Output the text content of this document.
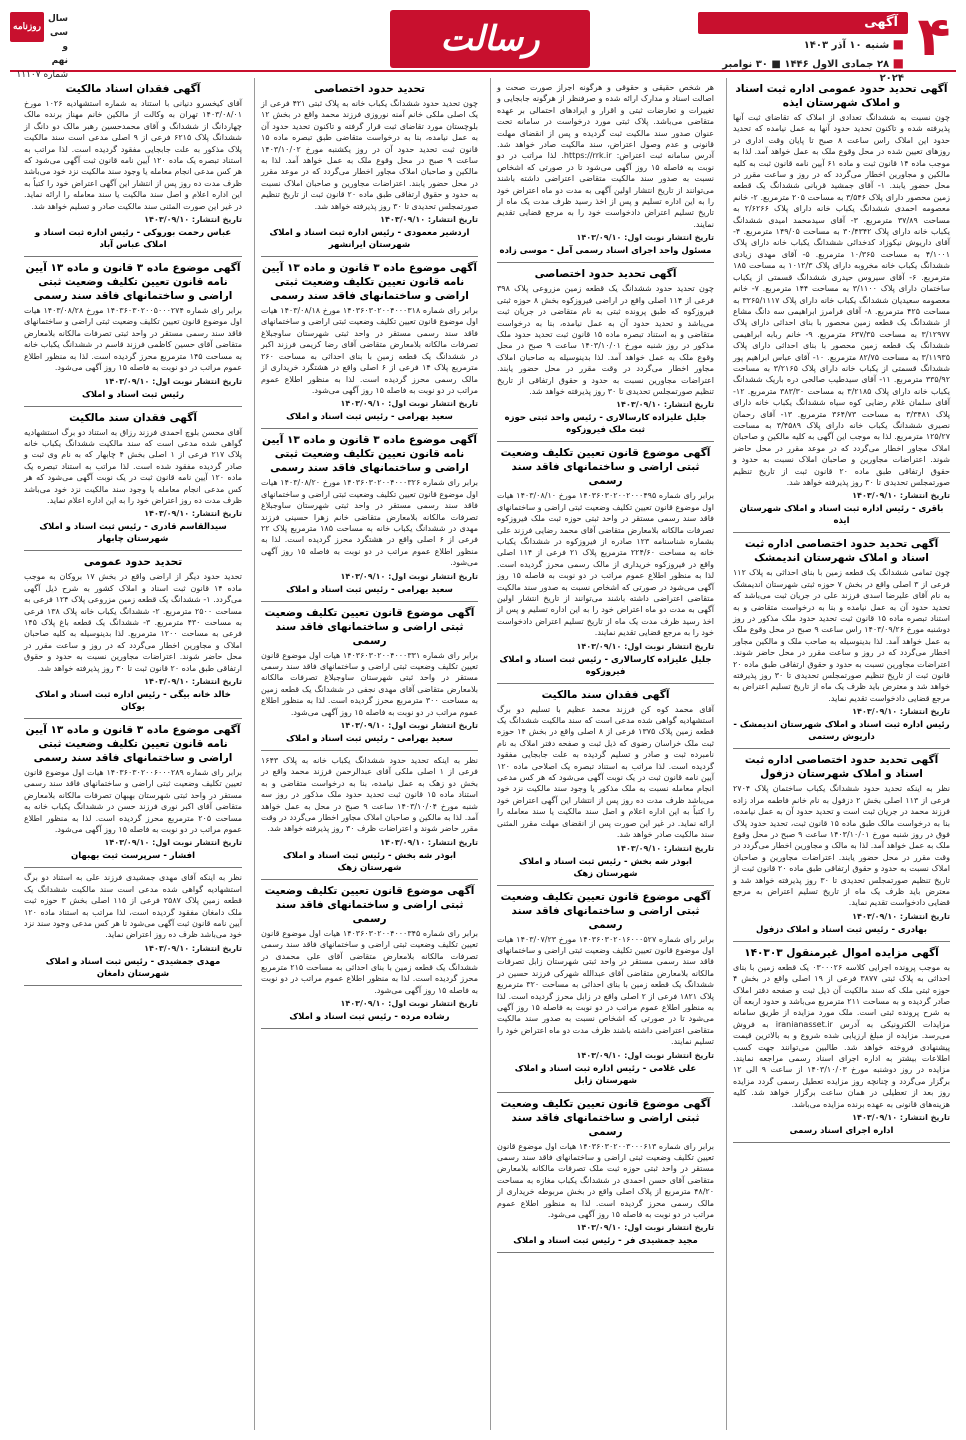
۴
آگهی
■ شنبه ۱۰ آذر ۱۴۰۳
■ ۲۸ جمادی الاول ۱۴۴۶ ■ ۳۰ نوامبر ۲۰۲۴
رسالت
روزنامه رسالت
سال سی و نهم
شماره ۱۱۱۰۷
آگهی تحدید حدود عمومی اداره ثبت اسناد و املاک شهرستان ایذه

چون نسبت به ششدانگ تعدادی از املاک که تقاضای ثبت آنها پذیرفته شده و تاکنون تحدید حدود آنها به عمل نیامده که تحدید حدود این املاک راس ساعت ۸ صبح تا پایان وقت اداری در روزهای تعیین شده در محل وقوع ملک به عمل خواهد آمد. لذا به موجب ماده ۱۴ قانون ثبت و ماده ۶۱ آیین نامه قانون ثبت به کلیه مالکین و مجاورین اخطار می‌گردد که در روز و ساعت مقرر در محل حضور یابند. ۱- آقای جمشید قربانی ششدانگ یک قطعه زمین محصور دارای پلاک ۳/۵۴۶ به مساحت ۲۰۵ مترمربع. ۲- خانم معصومه احمدی ششدانگ یکباب خانه دارای پلاک ۲/۶۲۶۶ به مساحت ۳۷/۸۹ مترمربع. ۳- آقای سیدمحمد امیدی ششدانگ یکباب خانه دارای پلاک ۳۰/۴۳۴۲ به مساحت ۱۴۹/۰۵ مترمربع. ۴- آقای داریوش نیکوزاد کدخدائی ششدانگ یکباب خانه دارای پلاک ۴/۱۰۰۱ به مساحت ۱۰/۳۶۵ مترمربع. ۵- آقای مهدی زیادی ششدانگ یکباب خانه مخروبه دارای پلاک ۱۰۱۲/۳ به مساحت ۱۸۵ مترمربع. ۶- آقای سیروس حیدری ششدانگ قسمتی از یکباب ساختمان دارای پلاک ۳/۱۱۰۰ به مساحت ۱۴۴ مترمربع. ۷- خانم معصومه سعیدیان ششدانگ یکباب خانه دارای پلاک ۳۲۶۵/۱۱۱۷ به مساحت ۴۲۵ مترمربع. ۸- آقای فرامرز ابراهیمی سه دانگ مشاع از ششدانگ یک قطعه زمین محصور با بنای احداثی دارای پلاک ۳/۱۲۹۷۷ به مساحت ۶۳۷/۳۵ مترمربع. ۹- خانم ربابه ابراهیمی ششدانگ یک قطعه زمین محصور با بنای احداثی دارای پلاک ۳/۱۱۹۳۵ به مساحت ۸۲/۷۵ مترمربع. ۱۰- آقای عباس ابراهیم پور ششدانگ قسمتی از یکباب خانه دارای پلاک ۳/۲۱۶۵ به مساحت ۳۳۵/۹۲ مترمربع. ۱۱- آقای سیدطیب صالحی دره باریک ششدانگ یکباب خانه دارای پلاک ۳/۲۱۸۵ به مساحت ۳۸۳/۳۰ مترمربع. ۱۲- آقای سلمان غلام رضایی کوه سیاه ششدانگ یکباب خانه دارای پلاک ۳/۳۴۸۱ به مساحت ۳۶۴/۷۳ مترمربع. ۱۳- آقای رحمان نصیری ششدانگ یکباب خانه دارای پلاک ۳/۴۵۸۹ به مساحت ۱۲۵/۲۷ مترمربع. لذا به موجب این آگهی به کلیه مالکین و صاحبان املاک مجاور اخطار می‌گردد که در موعد مقرر در محل حاضر شوند. اعتراضات مجاورین و صاحبان املاک نسبت به حدود و حقوق ارتفاقی طبق ماده ۲۰ قانون ثبت از تاریخ تنظیم صورتمجلس تحدیدی تا ۳۰ روز پذیرفته خواهد شد.

تاریخ انتشار: ۱۴۰۳/۰۹/۱۰

باقری - رئیس اداره ثبت اسناد و املاک شهرستان ایذه

آگهی تحدید حدود اختصاصی اداره ثبت اسناد و املاک شهرستان اندیمشک

چون تمامی ششدانگ یک قطعه زمین با بنای احداثی به پلاک ۱۱۲ فرعی از ۳ اصلی واقع در بخش ۷ حوزه ثبتی شهرستان اندیمشک به نام آقای علیرضا اسدی فرزند علی در جریان ثبت می‌باشد که تحدید حدود آن به عمل نیامده و بنا به درخواست متقاضی و به استناد تبصره ماده ۱۵ قانون ثبت تحدید حدود ملک مذکور در روز دوشنبه مورخ ۱۴۰۳/۰۹/۲۶ راس ساعت ۹ صبح در محل وقوع ملک به عمل خواهد آمد. لذا بدینوسیله به صاحب ملک و مالکین مجاور اخطار می‌گردد که در روز و ساعت مقرر در محل حاضر شوند. اعتراضات مجاورین نسبت به حدود و حقوق ارتفاقی طبق ماده ۲۰ قانون ثبت از تاریخ تنظیم صورتمجلس تحدیدی تا ۳۰ روز پذیرفته خواهد شد و معترض باید ظرف یک ماه از تاریخ تسلیم اعتراض به مرجع قضایی دادخواست تقدیم نماید.

تاریخ انتشار: ۱۴۰۳/۰۹/۱۰

رئیس اداره ثبت اسناد و املاک شهرستان اندیمشک - داریوش رستمی

آگهی تحدید حدود اختصاصی اداره ثبت اسناد و املاک شهرستان دزفول

نظر به اینکه تحدید حدود ششدانگ یکباب ساختمان پلاک ۲۷۰۴ فرعی از ۱۱۳ اصلی بخش ۲ دزفول به نام خانم فاطمه مراد زاده فرزند محمد در جریان ثبت است و تحدید حدود آن به عمل نیامده، بنا به درخواست مالک طبق ماده ۱۵ قانون ثبت، تحدید حدود پلاک فوق در روز شنبه مورخ ۱۴۰۳/۱۰/۰۱ ساعت ۹ صبح در محل وقوع ملک به عمل خواهد آمد. لذا به مالک و مجاورین اخطار می‌گردد در وقت مقرر در محل حضور یابند. اعتراضات مجاورین و صاحبان املاک نسبت به حدود و حقوق ارتفاقی طبق ماده ۲۰ قانون ثبت از تاریخ تنظیم صورتمجلس تحدیدی تا ۳۰ روز پذیرفته خواهد شد و معترض باید ظرف یک ماه از تاریخ تسلیم اعتراض به مرجع قضایی دادخواست تقدیم نماید.

تاریخ انتشار: ۱۴۰۳/۰۹/۱۰

بهادری - رئیس ثبت اسناد و املاک دزفول

آگهی مزایده اموال غیرمنقول ۱۴۰۳۰۳

به موجب پرونده اجرایی کلاسه ۰۳۰۰۰۲۶ یک قطعه زمین با بنای احداثی به پلاک ثبتی ۳۸۷۷ فرعی از ۱۹ اصلی واقع در بخش ۴ حوزه ثبتی ملک که سند مالکیت آن ذیل ثبت و صفحه دفتر املاک صادر گردیده و به مساحت ۲۱۱ مترمربع می‌باشد و حدود اربعه آن به شرح پرونده ثبتی است. ملک مورد مزایده از طریق سامانه مزایدات الکترونیکی به آدرس iranianasset.ir به فروش می‌رسد. مزایده از مبلغ ارزیابی شده شروع و به بالاترین قیمت پیشنهادی فروخته خواهد شد. طالبین می‌توانند جهت کسب اطلاعات بیشتر به اداره اجرای اسناد رسمی مراجعه نمایند. مزایده در روز دوشنبه مورخ ۱۴۰۳/۱۰/۰۳ از ساعت ۹ الی ۱۲ برگزار می‌گردد و چنانچه روز مزایده تعطیل رسمی گردد مزایده روز بعد از تعطیلی در همان ساعت برگزار خواهد شد. کلیه هزینه‌های قانونی به عهده برنده مزایده می‌باشد.

تاریخ انتشار: ۱۴۰۳/۰۹/۱۰

اداره اجرای اسناد رسمی

هر شخص حقیقی و حقوقی و هرگونه اجراز صورت صحت و اصالت اسناد و مدارک ارائه شده و صرفنظر از هرگونه جابجایی و تغییرات و تعارضات ثبتی و اقرار و ایرادهای احتمالی بر عهده متقاضی می‌باشد. پلاک ثبتی مورد درخواست در سامانه تحت عنوان صدور سند مالکیت ثبت گردیده و پس از انقضای مهلت قانونی و عدم وصول اعتراض، سند مالکیت صادر خواهد شد. آدرس سامانه ثبت اعتراض: https://rrk.ir. لذا مراتب در دو نوبت به فاصله ۱۵ روز آگهی می‌شود تا در صورتی که اشخاص نسبت به صدور سند مالکیت متقاضی اعتراضی داشته باشند می‌توانند از تاریخ انتشار اولین آگهی به مدت دو ماه اعتراض خود را به این اداره تسلیم و پس از اخذ رسید ظرف مدت یک ماه از تاریخ تسلیم اعتراض دادخواست خود را به مرجع قضایی تقدیم نمایند.

تاریخ انتشار نوبت اول: ۱۴۰۳/۰۹/۱۰

مسئول واحد اجرای اسناد رسمی آمل - موسی زاده

آگهی تحدید حدود اختصاصی

چون تحدید حدود ششدانگ یک قطعه زمین مزروعی پلاک ۳۹۸ فرعی از ۱۱۴ اصلی واقع در اراضی فیروزکوه بخش ۸ حوزه ثبتی فیروزکوه که طبق پرونده ثبتی به نام متقاضی در جریان ثبت می‌باشد و تحدید حدود آن به عمل نیامده، بنا به درخواست متقاضی و به استناد تبصره ماده ۱۵ قانون ثبت تحدید حدود ملک مذکور در روز شنبه مورخ ۱۴۰۳/۱۰/۰۱ ساعت ۹ صبح در محل وقوع ملک به عمل خواهد آمد. لذا بدینوسیله به صاحبان املاک مجاور اخطار می‌گردد در وقت مقرر در محل حضور یابند. اعتراضات مجاورین نسبت به حدود و حقوق ارتفاقی از تاریخ تنظیم صورتمجلس تحدیدی تا ۳۰ روز پذیرفته خواهد شد.

تاریخ انتشار: ۱۴۰۳/۰۹/۱۰

جلیل علیزاده کارسالاری - رئیس واحد ثبتی حوزه ثبت ملک فیروزکوه

آگهی موضوع قانون تعیین تکلیف وضعیت ثبتی اراضی و ساختمانهای فاقد سند رسمی

برابر رای شماره ۱۴۰۳۶۰۳۰۲۰۰۲۰۰۰۴۹۵ مورخ ۱۴۰۳/۰۸/۱۰ هیات اول موضوع قانون تعیین تکلیف وضعیت ثبتی اراضی و ساختمانهای فاقد سند رسمی مستقر در واحد ثبتی حوزه ثبت ملک فیروزکوه تصرفات مالکانه بلامعارض متقاضی آقای محمد رضایی فرزند علی بشماره شناسنامه ۱۲۳ صادره از فیروزکوه در ششدانگ یکباب خانه به مساحت ۲۲۴/۶۰ مترمربع پلاک ۲۱ فرعی از ۱۱۴ اصلی واقع در فیروزکوه خریداری از مالک رسمی محرز گردیده است. لذا به منظور اطلاع عموم مراتب در دو نوبت به فاصله ۱۵ روز آگهی می‌شود در صورتی که اشخاص نسبت به صدور سند مالکیت متقاضی اعتراضی داشته باشند می‌توانند از تاریخ انتشار اولین آگهی به مدت دو ماه اعتراض خود را به این اداره تسلیم و پس از اخذ رسید ظرف مدت یک ماه از تاریخ تسلیم اعتراض دادخواست خود را به مرجع قضایی تقدیم نمایند.

تاریخ انتشار نوبت اول: ۱۴۰۳/۰۹/۱۰

جلیل علیزاده کارسالاری - رئیس ثبت اسناد و املاک فیروزکوه

آگهی فقدان سند مالکیت

آقای محمد کوه کن فرزند محمد عظیم با تسلیم دو برگ استشهادیه گواهی شده مدعی است که سند مالکیت ششدانگ یک قطعه زمین پلاک ۱۳۷۵ فرعی از ۸ اصلی واقع در بخش ۱۴ حوزه ثبت ملک خراسان رضوی که ذیل ثبت و صفحه دفتر املاک به نام نامبرده ثبت و صادر و تسلیم گردیده به علت جابجایی مفقود گردیده است. لذا مراتب به استناد تبصره یک اصلاحی ماده ۱۲۰ آیین نامه قانون ثبت در یک نوبت آگهی می‌شود که هر کس مدعی انجام معامله نسبت به ملک مذکور یا وجود سند مالکیت نزد خود می‌باشد ظرف مدت ده روز پس از انتشار این آگهی اعتراض خود را کتباً به این اداره اعلام و اصل سند مالکیت یا سند معامله را ارائه نماید. در غیر این صورت پس از انقضای مهلت مقرر المثنی سند مالکیت صادر خواهد شد.

تاریخ انتشار: ۱۴۰۳/۰۹/۱۰

ابوذر شه بخش - رئیس ثبت اسناد و املاک شهرستان زهک

آگهی موضوع قانون تعیین تکلیف وضعیت ثبتی اراضی و ساختمانهای فاقد سند رسمی

برابر رای شماره ۱۴۰۳۶۰۳۰۲۰۱۶۰۰۰۵۲۷ مورخ ۱۴۰۳/۰۷/۲۳ هیات اول موضوع قانون تعیین تکلیف وضعیت ثبتی اراضی و ساختمانهای فاقد سند رسمی مستقر در واحد ثبتی شهرستان زابل تصرفات مالکانه بلامعارض متقاضی آقای عبدالله شهرکی فرزند حسین در ششدانگ یک قطعه زمین با بنای احداثی به مساحت ۳۲۰ مترمربع پلاک ۱۸۲۱ فرعی از ۲ اصلی واقع در زابل محرز گردیده است. لذا به منظور اطلاع عموم مراتب در دو نوبت به فاصله ۱۵ روز آگهی می‌شود تا در صورتی که اشخاص نسبت به صدور سند مالکیت متقاضی اعتراضی داشته باشند ظرف مدت دو ماه اعتراض خود را تسلیم نمایند.

تاریخ انتشار نوبت اول: ۱۴۰۳/۰۹/۱۰

علی غلامی - رئیس اداره ثبت اسناد و املاک شهرستان زابل

آگهی موضوع قانون تعیین تکلیف وضعیت ثبتی اراضی و ساختمانهای فاقد سند رسمی

برابر رای شماره ۱۴۰۳۶۰۳۰۲۰۰۳۰۰۰۶۱۳ هیات اول موضوع قانون تعیین تکلیف وضعیت ثبتی اراضی و ساختمانهای فاقد سند رسمی مستقر در واحد ثبتی حوزه ثبت ملک تصرفات مالکانه بلامعارض متقاضی آقای حسن احمدی در ششدانگ یکباب مغازه به مساحت ۴۸/۲۰ مترمربع از پلاک اصلی واقع در بخش مربوطه خریداری از مالک رسمی محرز گردیده است. لذا به منظور اطلاع عموم مراتب در دو نوبت به فاصله ۱۵ روز آگهی می‌شود.

تاریخ انتشار نوبت اول: ۱۴۰۳/۰۹/۱۰

مجید جمشیدی فر - رئیس ثبت اسناد و املاک

تحدید حدود اختصاصی

چون تحدید حدود ششدانگ یکباب خانه به پلاک ثبتی ۴۲۱ فرعی از یک اصلی ملکی خانم آمنه نوروزی فرزند محمد واقع در بخش ۱۲ بلوچستان مورد تقاضای ثبت قرار گرفته و تاکنون تحدید حدود آن به عمل نیامده، بنا به درخواست متقاضی طبق تبصره ماده ۱۵ قانون ثبت تحدید حدود آن در روز یکشنبه مورخ ۱۴۰۳/۱۰/۰۲ ساعت ۹ صبح در محل وقوع ملک به عمل خواهد آمد. لذا به مالکین و صاحبان املاک مجاور اخطار می‌گردد که در موعد مقرر در محل حضور یابند. اعتراضات مجاورین و صاحبان املاک نسبت به حدود و حقوق ارتفاقی طبق ماده ۲۰ قانون ثبت از تاریخ تنظیم صورتمجلس تحدیدی تا ۳۰ روز پذیرفته خواهد شد.

تاریخ انتشار: ۱۴۰۳/۰۹/۱۰

اردشیر معمودی - رئیس اداره ثبت اسناد و املاک شهرستان ایرانشهر

آگهی موضوع ماده ۳ قانون و ماده ۱۳ آیین نامه قانون تعیین تکلیف وضعیت ثبتی اراضی و ساختمانهای فاقد سند رسمی

برابر رای شماره ۱۴۰۳۶۰۳۰۲۰۰۴۰۰۰۳۱۸ مورخ ۱۴۰۳/۰۸/۱۸ هیات اول موضوع قانون تعیین تکلیف وضعیت ثبتی اراضی و ساختمانهای فاقد سند رسمی مستقر در واحد ثبتی شهرستان ساوجبلاغ تصرفات مالکانه بلامعارض متقاضی آقای رضا کریمی فرزند اکبر در ششدانگ یک قطعه زمین با بنای احداثی به مساحت ۲۶۰ مترمربع پلاک ۱۴ فرعی از ۶ اصلی واقع در هشتگرد خریداری از مالک رسمی محرز گردیده است. لذا به منظور اطلاع عموم مراتب در دو نوبت به فاصله ۱۵ روز آگهی می‌شود.

تاریخ انتشار نوبت اول: ۱۴۰۳/۰۹/۱۰

سعید بهرامی - رئیس ثبت اسناد و املاک

آگهی موضوع ماده ۳ قانون و ماده ۱۳ آیین نامه قانون تعیین تکلیف وضعیت ثبتی اراضی و ساختمانهای فاقد سند رسمی

برابر رای شماره ۱۴۰۳۶۰۳۰۲۰۰۴۰۰۰۳۲۶ مورخ ۱۴۰۳/۰۸/۲۰ هیات اول موضوع قانون تعیین تکلیف وضعیت ثبتی اراضی و ساختمانهای فاقد سند رسمی مستقر در واحد ثبتی شهرستان ساوجبلاغ تصرفات مالکانه بلامعارض متقاضی خانم زهرا حسینی فرزند مهدی در ششدانگ یکباب خانه به مساحت ۱۸۵ مترمربع پلاک ۲۲ فرعی از ۶ اصلی واقع در هشتگرد محرز گردیده است. لذا به منظور اطلاع عموم مراتب در دو نوبت به فاصله ۱۵ روز آگهی می‌شود.

تاریخ انتشار نوبت اول: ۱۴۰۳/۰۹/۱۰

سعید بهرامی - رئیس ثبت اسناد و املاک

آگهی موضوع قانون تعیین تکلیف وضعیت ثبتی اراضی و ساختمانهای فاقد سند رسمی

برابر رای شماره ۱۴۰۳۶۰۳۰۲۰۰۴۰۰۰۳۳۱ هیات اول موضوع قانون تعیین تکلیف وضعیت ثبتی اراضی و ساختمانهای فاقد سند رسمی مستقر در واحد ثبتی شهرستان ساوجبلاغ تصرفات مالکانه بلامعارض متقاضی آقای مهدی نجفی در ششدانگ یک قطعه زمین به مساحت ۳۰۰ مترمربع محرز گردیده است. لذا به منظور اطلاع عموم مراتب در دو نوبت به فاصله ۱۵ روز آگهی می‌شود.

تاریخ انتشار نوبت اول: ۱۴۰۳/۰۹/۱۰

سعید بهرامی - رئیس ثبت اسناد و املاک

نظر به اینکه تحدید حدود ششدانگ یکباب خانه به پلاک ۱۶۴۳ فرعی از ۱ اصلی ملکی آقای عبدالرحمن فرزند محمد واقع در بخش دو زهک به عمل نیامده، بنا به درخواست متقاضی و به استناد ماده ۱۵ قانون ثبت تحدید حدود ملک مذکور در روز سه شنبه مورخ ۱۴۰۳/۱۰/۰۴ ساعت ۹ صبح در محل به عمل خواهد آمد. لذا به مالکین و صاحبان املاک مجاور اخطار می‌گردد در وقت مقرر حاضر شوند و اعتراضات ظرف ۳۰ روز پذیرفته خواهد شد.

تاریخ انتشار: ۱۴۰۳/۰۹/۱۰

ابوذر شه بخش - رئیس ثبت اسناد و املاک شهرستان زهک

آگهی موضوع قانون تعیین تکلیف وضعیت ثبتی اراضی و ساختمانهای فاقد سند رسمی

برابر رای شماره ۱۴۰۳۶۰۳۰۲۰۰۴۰۰۰۳۴۵ هیات اول موضوع قانون تعیین تکلیف وضعیت ثبتی اراضی و ساختمانهای فاقد سند رسمی تصرفات مالکانه بلامعارض متقاضی آقای علی محمدی در ششدانگ یک قطعه زمین با بنای احداثی به مساحت ۲۱۵ مترمربع محرز گردیده است. لذا به منظور اطلاع عموم مراتب در دو نوبت به فاصله ۱۵ روز آگهی می‌شود.

تاریخ انتشار نوبت اول: ۱۴۰۳/۰۹/۱۰

رشاده مرده - رئیس ثبت اسناد و املاک

آگهی فقدان اسناد مالکیت

آقای کیخسرو دنیانی با استناد به شماره استشهادیه ۱۰۲۶ مورخ ۱۴۰۳/۰۸/۰۱ تهران به وکالت از مالکین خانم مهناز برنده مالک چهاردانگ از ششدانگ و آقای محمدحسین رهبر مالک دو دانگ از ششدانگ پلاک ۶۲۱۵ فرعی از ۹ اصلی مدعی است سند مالکیت پلاک مذکور به علت جابجایی مفقود گردیده است. لذا مراتب به استناد تبصره یک ماده ۱۲۰ آیین نامه قانون ثبت آگهی می‌شود که هر کس مدعی انجام معامله یا وجود سند مالکیت نزد خود می‌باشد ظرف مدت ده روز پس از انتشار این آگهی اعتراض خود را کتباً به این اداره اعلام و اصل سند مالکیت یا سند معامله را ارائه نماید. در غیر این صورت المثنی سند مالکیت صادر و تسلیم خواهد شد.

تاریخ انتشار: ۱۴۰۳/۰۹/۱۰

عباس رحمت بوروکی - رئیس اداره ثبت اسناد و املاک عباس آباد

آگهی موضوع ماده ۳ قانون و ماده ۱۳ آیین نامه قانون تعیین تکلیف وضعیت ثبتی اراضی و ساختمانهای فاقد سند رسمی

برابر رای شماره ۱۴۰۳۶۰۳۰۲۰۰۵۰۰۰۲۷۴ مورخ ۱۴۰۳/۰۸/۲۸ هیات اول موضوع قانون تعیین تکلیف وضعیت ثبتی اراضی و ساختمانهای فاقد سند رسمی مستقر در واحد ثبتی تصرفات مالکانه بلامعارض متقاضی آقای حسین کاظمی فرزند قاسم در ششدانگ یکباب خانه به مساحت ۱۴۵ مترمربع محرز گردیده است. لذا به منظور اطلاع عموم مراتب در دو نوبت به فاصله ۱۵ روز آگهی می‌شود.

تاریخ انتشار نوبت اول: ۱۴۰۳/۰۹/۱۰

رئیس ثبت اسناد و املاک

آگهی فقدان سند مالکیت

آقای محسن بلوچ احمدی فرزند رزاق به استناد دو برگ استشهادیه گواهی شده مدعی است که سند مالکیت ششدانگ یکباب خانه پلاک ۲۱۷ فرعی از ۱ اصلی بخش ۴ چابهار که به نام وی ثبت و صادر گردیده مفقود شده است. لذا مراتب به استناد تبصره یک ماده ۱۲۰ آیین نامه قانون ثبت در یک نوبت آگهی می‌شود که هر کس مدعی انجام معامله یا وجود سند مالکیت نزد خود می‌باشد ظرف مدت ده روز اعتراض خود را به این اداره اعلام نماید.

تاریخ انتشار: ۱۴۰۳/۰۹/۱۰

سیدالقاسم قادری - رئیس ثبت اسناد و املاک شهرستان چابهار

تحدید حدود عمومی

تحدید حدود دیگر از اراضی واقع در بخش ۱۷ بروکان به موجب ماده ۱۴ قانون ثبت اسناد و املاک کشور به شرح ذیل آگهی می‌گردد. ۱- ششدانگ یک قطعه زمین مزروعی پلاک ۱۲۴ فرعی به مساحت ۲۵۰۰ مترمربع. ۲- ششدانگ یکباب خانه پلاک ۱۳۸ فرعی به مساحت ۴۳۰ مترمربع. ۳- ششدانگ یک قطعه باغ پلاک ۱۴۵ فرعی به مساحت ۱۲۰۰ مترمربع. لذا بدینوسیله به کلیه صاحبان املاک و مجاورین اخطار می‌گردد که در روز و ساعت مقرر در محل حاضر شوند. اعتراضات مجاورین نسبت به حدود و حقوق ارتفاقی طبق ماده ۲۰ قانون ثبت تا ۳۰ روز پذیرفته خواهد شد.

تاریخ انتشار: ۱۴۰۳/۰۹/۱۰

خالد خانه بیگی - رئیس اداره ثبت اسناد و املاک بوکان

آگهی موضوع ماده ۳ قانون و ماده ۱۳ آیین نامه قانون تعیین تکلیف وضعیت ثبتی اراضی و ساختمانهای فاقد سند رسمی

برابر رای شماره ۱۴۰۳۶۰۳۰۲۰۰۶۰۰۰۲۸۹ هیات اول موضوع قانون تعیین تکلیف وضعیت ثبتی اراضی و ساختمانهای فاقد سند رسمی مستقر در واحد ثبتی شهرستان بهبهان تصرفات مالکانه بلامعارض متقاضی آقای اکبر نوری فرزند حسن در ششدانگ یکباب خانه به مساحت ۲۰۵ مترمربع محرز گردیده است. لذا به منظور اطلاع عموم مراتب در دو نوبت به فاصله ۱۵ روز آگهی می‌شود.

تاریخ انتشار نوبت اول: ۱۴۰۳/۰۹/۱۰

افشار - سرپرست ثبت بهبهان

نظر به اینکه آقای مهدی جمشیدی فرزند علی به استناد دو برگ استشهادیه گواهی شده مدعی است سند مالکیت ششدانگ یک قطعه زمین پلاک ۲۵۸۷ فرعی از ۱۱۵ اصلی بخش ۳ حوزه ثبت ملک دامغان مفقود گردیده است، لذا مراتب به استناد ماده ۱۲۰ آیین نامه قانون ثبت آگهی می‌شود تا هر کس مدعی وجود سند نزد خود می‌باشد ظرف ده روز اعتراض نماید.

تاریخ انتشار: ۱۴۰۳/۰۹/۱۰

مهدی جمشیدی - رئیس ثبت اسناد و املاک شهرستان دامغان
